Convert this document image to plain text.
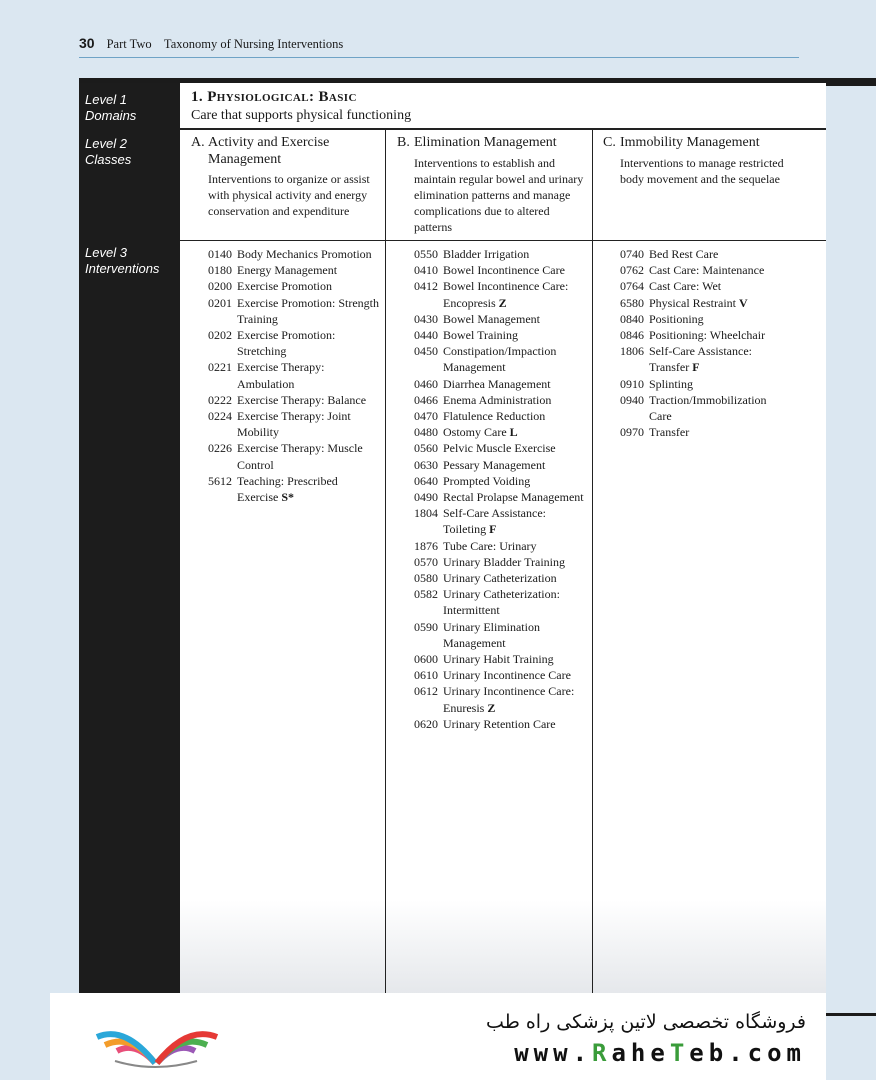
30 Part Two    Taxonomy of Nursing Interventions
Level 1
Domains
Level 2
Classes
Level 3
Interventions
1. Physiological: Basic
Care that supports physical functioning
A. Activity and Exercise Management
Interventions to organize or assist with physical activity and energy conservation and expenditure
B. Elimination Management
Interventions to establish and maintain regular bowel and urinary elimination patterns and manage complications due to altered patterns
C. Immobility Management
Interventions to manage restricted body movement and the sequelae
0140 Body Mechanics Promotion
0180 Energy Management
0200 Exercise Promotion
0201 Exercise Promotion: Strength Training
0202 Exercise Promotion: Stretching
0221 Exercise Therapy: Ambulation
0222 Exercise Therapy: Balance
0224 Exercise Therapy: Joint Mobility
0226 Exercise Therapy: Muscle Control
5612 Teaching: Prescribed Exercise S*
0550 Bladder Irrigation
0410 Bowel Incontinence Care
0412 Bowel Incontinence Care: Encopresis Z
0430 Bowel Management
0440 Bowel Training
0450 Constipation/Impaction Management
0460 Diarrhea Management
0466 Enema Administration
0470 Flatulence Reduction
0480 Ostomy Care L
0560 Pelvic Muscle Exercise
0630 Pessary Management
0640 Prompted Voiding
0490 Rectal Prolapse Management
1804 Self-Care Assistance: Toileting F
1876 Tube Care: Urinary
0570 Urinary Bladder Training
0580 Urinary Catheterization
0582 Urinary Catheterization: Intermittent
0590 Urinary Elimination Management
0600 Urinary Habit Training
0610 Urinary Incontinence Care
0612 Urinary Incontinence Care: Enuresis Z
0620 Urinary Retention Care
0740 Bed Rest Care
0762 Cast Care: Maintenance
0764 Cast Care: Wet
6580 Physical Restraint V
0840 Positioning
0846 Positioning: Wheelchair
1806 Self-Care Assistance: Transfer F
0910 Splinting
0940 Traction/Immobilization Care
0970 Transfer
فروشگاه تخصصی لاتین پزشکی راه طب
www.RaheTeb.com
